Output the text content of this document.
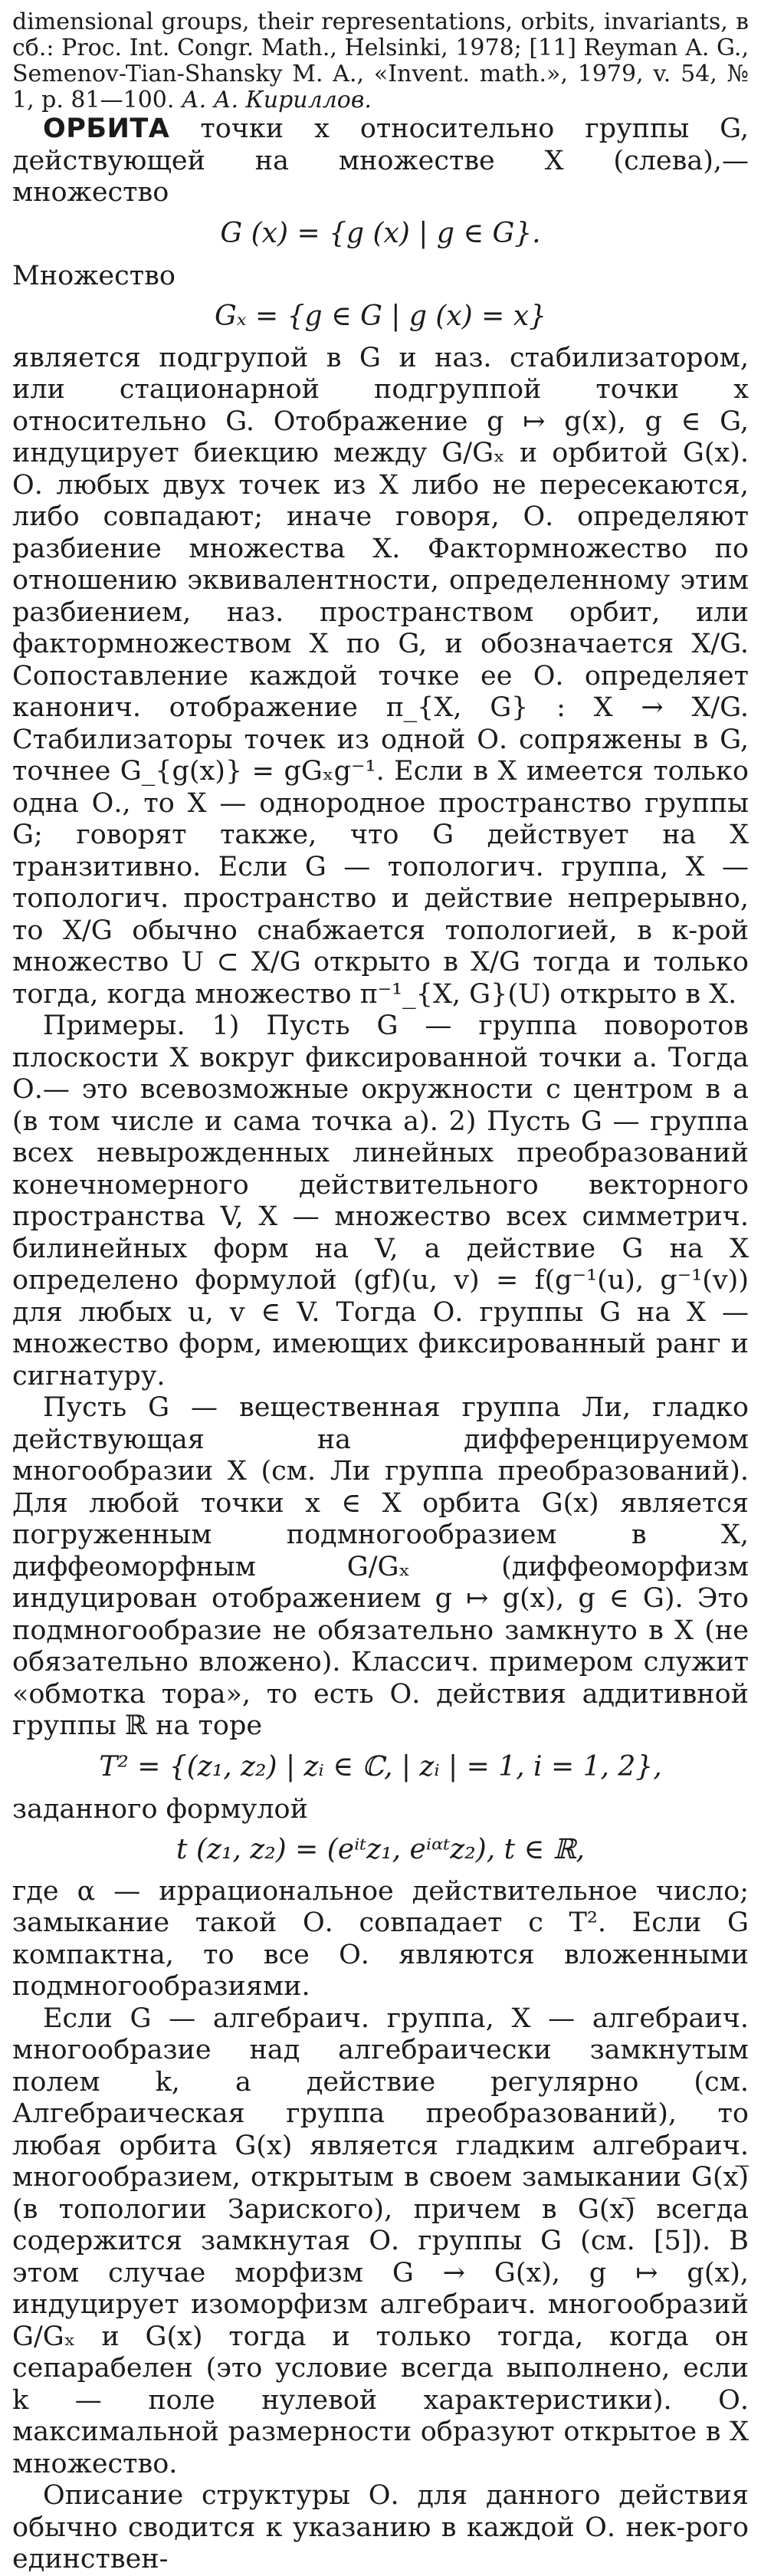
dimensional groups, their representations, orbits, invariants, в сб.: Proc. Int. Congr. Math., Helsinki, 1978; [11] Reyman A. G., Semenov-Tian-Shansky M. A., «Invent. math.», 1979, v. 54, № 1, p. 81—100. А. А. Кириллов.

ОРБИТА точки x относительно группы G, действующей на множестве X (слева),— множество

G (x) = {g (x) | g ∈ G}.
Множество
Gₓ = {g ∈ G | g (x) = x}

является подгрупой в G и наз. стабилизатором, или стационарной подгруппой точки x относительно G. Отображение g ↦ g(x), g ∈ G, индуцирует биекцию между G/Gₓ и орбитой G(x). О. любых двух точек из X либо не пересекаются, либо совпадают; иначе говоря, О. определяют разбиение множества X. Фактормножество по отношению эквивалентности, определенному этим разбиением, наз. пространством орбит, или фактормножеством X по G, и обозначается X/G. Сопоставление каждой точке ее О. определяет канонич. отображение π_{X, G} : X → X/G. Стабилизаторы точек из одной О. сопряжены в G, точнее G_{g(x)} = gGₓg⁻¹. Если в X имеется только одна О., то X — однородное пространство группы G; говорят также, что G действует на X транзитивно. Если G — топологич. группа, X — топологич. пространство и действие непрерывно, то X/G обычно снабжается топологией, в к-рой множество U ⊂ X/G открыто в X/G тогда и только тогда, когда множество π⁻¹_{X, G}(U) открыто в X.

Примеры. 1) Пусть G — группа поворотов плоскости X вокруг фиксированной точки a. Тогда О.— это всевозможные окружности с центром в a (в том числе и сама точка a). 2) Пусть G — группа всех невырожденных линейных преобразований конечномерного действительного векторного пространства V, X — множество всех симметрич. билинейных форм на V, а действие G на X определено формулой (gf)(u, v) = f(g⁻¹(u), g⁻¹(v)) для любых u, v ∈ V. Тогда О. группы G на X — множество форм, имеющих фиксированный ранг и сигнатуру.

Пусть G — вещественная группа Ли, гладко действующая на дифференцируемом многообразии X (см. Ли группа преобразований). Для любой точки x ∈ X орбита G(x) является погруженным подмногообразием в X, диффеоморфным G/Gₓ (диффеоморфизм индуцирован отображением g ↦ g(x), g ∈ G). Это подмногообразие не обязательно замкнуто в X (не обязательно вложено). Классич. примером служит «обмотка тора», то есть О. действия аддитивной группы ℝ на торе

T² = {(z₁, z₂) | zᵢ ∈ ℂ, | zᵢ | = 1, i = 1, 2},
заданного формулой
t (z₁, z₂) = (eⁱᵗz₁, eⁱᵅᵗz₂), t ∈ ℝ,

где α — иррациональное действительное число; замыкание такой О. совпадает с T². Если G компактна, то все О. являются вложенными подмногообразиями.

Если G — алгебраич. группа, X — алгебраич. многообразие над алгебраически замкнутым полем k, а действие регулярно (см. Алгебраическая группа преобразований), то любая орбита G(x) является гладким алгебраич. многообразием, открытым в своем замыкании G(x)̅ (в топологии Зариского), причем в G(x)̅ всегда содержится замкнутая О. группы G (см. [5]). В этом случае морфизм G → G(x), g ↦ g(x), индуцирует изоморфизм алгебраич. многообразий G/Gₓ и G(x) тогда и только тогда, когда он сепарабелен (это условие всегда выполнено, если k — поле нулевой характеристики). О. максимальной размерности образуют открытое в X множество.

Описание структуры О. для данного действия обычно сводится к указанию в каждой О. нек-рого единствен-
